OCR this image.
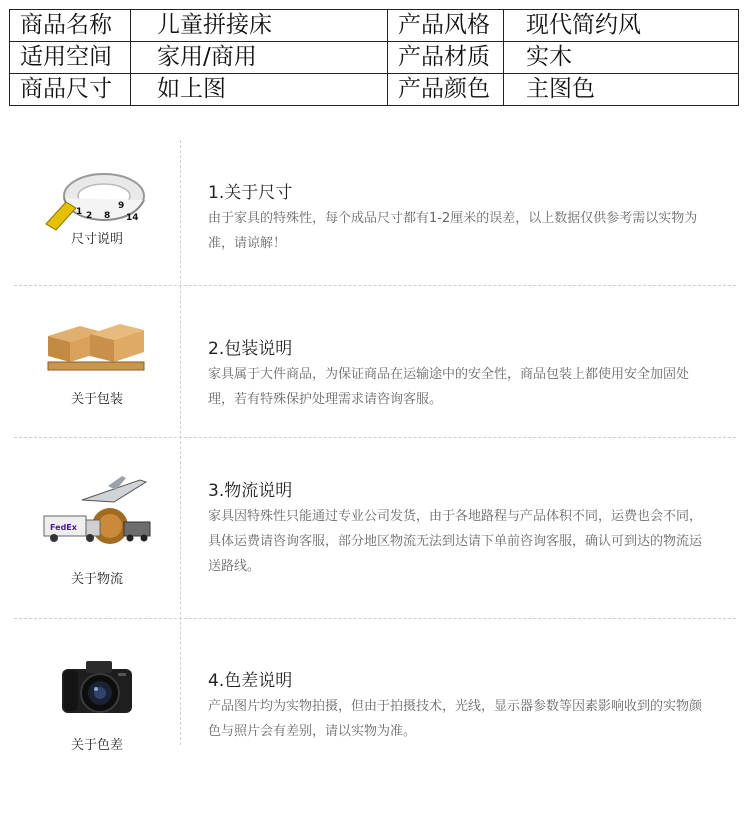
商品名称	儿童拼接床	产品风格	现代简约风
适用空间	家用/商用	产品材质	实木
商品尺寸	如上图	产品颜色	主图色
1 2 8
9
14
尺寸说明
1.关于尺寸
由于家具的特殊性，每个成品尺寸都有1-2厘米的误差，以上数据仅供参考需以实物为准，请谅解！
关于包装
2.包装说明
家具属于大件商品，为保证商品在运输途中的安全性，商品包装上都使用安全加固处理，若有特殊保护处理需求请咨询客服。
FedEx
关于物流
3.物流说明
家具因特殊性只能通过专业公司发货，由于各地路程与产品体积不同，运费也会不同，具体运费请咨询客服，部分地区物流无法到达请下单前咨询客服，确认可到达的物流运送路线。
关于色差
4.色差说明
产品图片均为实物拍摄，但由于拍摄技术，光线，显示器参数等因素影响收到的实物颜色与照片会有差别，请以实物为准。
